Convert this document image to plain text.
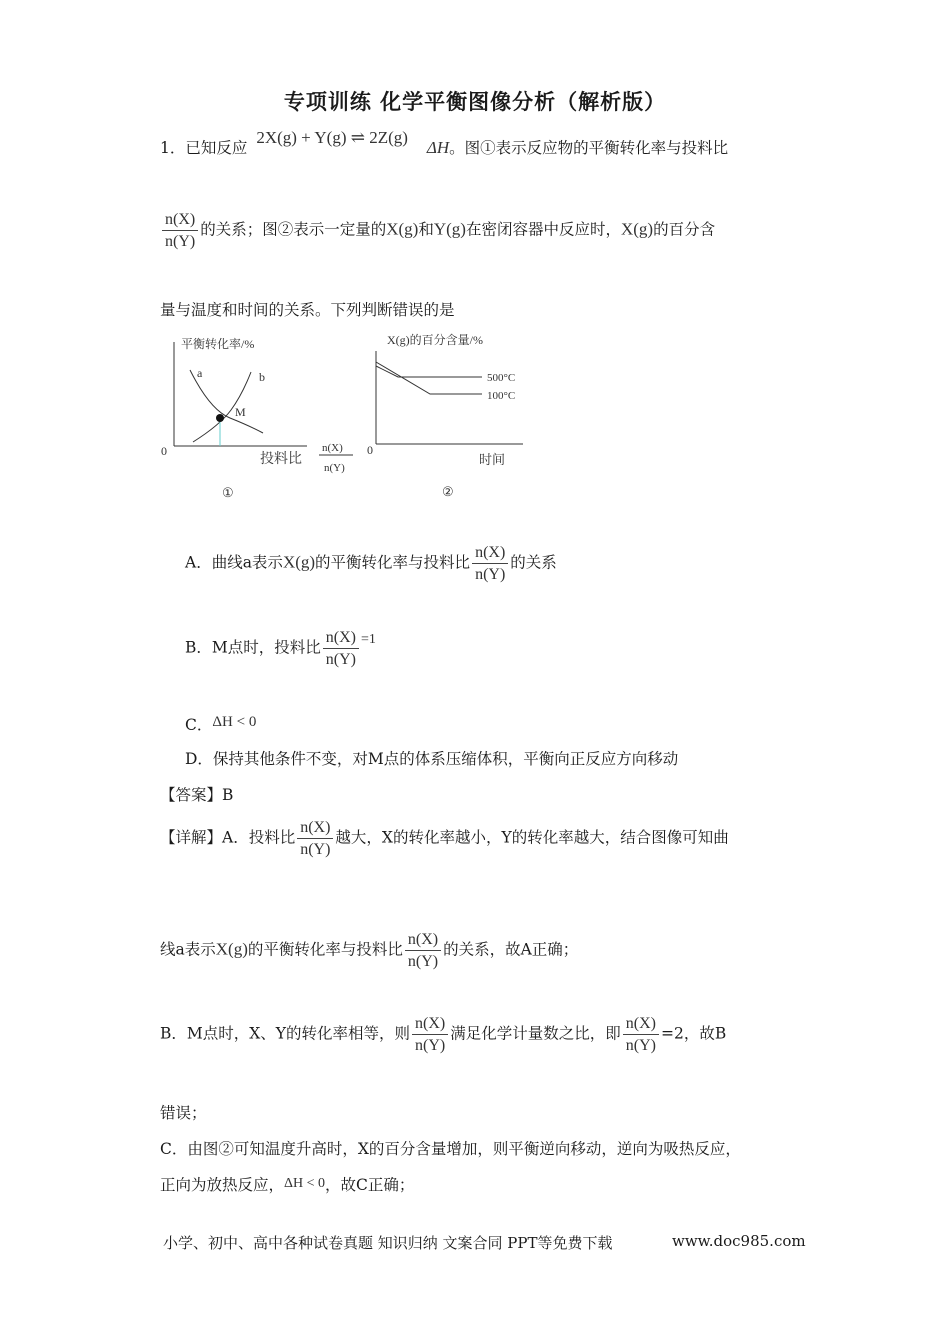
专项训练 化学平衡图像分析（解析版）
1．已知反应 2X(g) + Y(g) ⇌ 2Z(g) ΔH。图①表示反应物的平衡转化率与投料比
$\frac{n(X)}{n(Y)}$ 的关系；图②表示一定量的X(g)和Y(g)在密闭容器中反应时，X(g)的百分含
量与温度和时间的关系。下列判断错误的是
平衡转化率/%
a	b
M
0
投料比
n(X)
n(Y)
①
X(g)的百分含量/%
500°C
100°C
0
时间
②
A．曲线a表示X(g)的平衡转化率与投料比 $\frac{n(X)}{n(Y)}$ 的关系
B．M点时，投料比 $\frac{n(X)}{n(Y)} =1$
C．ΔH < 0
D．保持其他条件不变，对M点的体系压缩体积，平衡向正反应方向移动
【答案】B
【详解】A．投料比 $\frac{n(X)}{n(Y)}$ 越大，X的转化率越小，Y的转化率越大，结合图像可知曲
线a表示X(g)的平衡转化率与投料比 $\frac{n(X)}{n(Y)}$ 的关系，故A正确；
B．M点时，X、Y的转化率相等，则 $\frac{n(X)}{n(Y)}$ 满足化学计量数之比，即 $\frac{n(X)}{n(Y)} =2$，故B
错误；
C．由图②可知温度升高时，X的百分含量增加，则平衡逆向移动，逆向为吸热反应，
正向为放热反应，ΔH < 0，故C正确；
小学、初中、高中各种试卷真题 知识归纳 文案合同 PPT等免费下载	www.doc985.com
